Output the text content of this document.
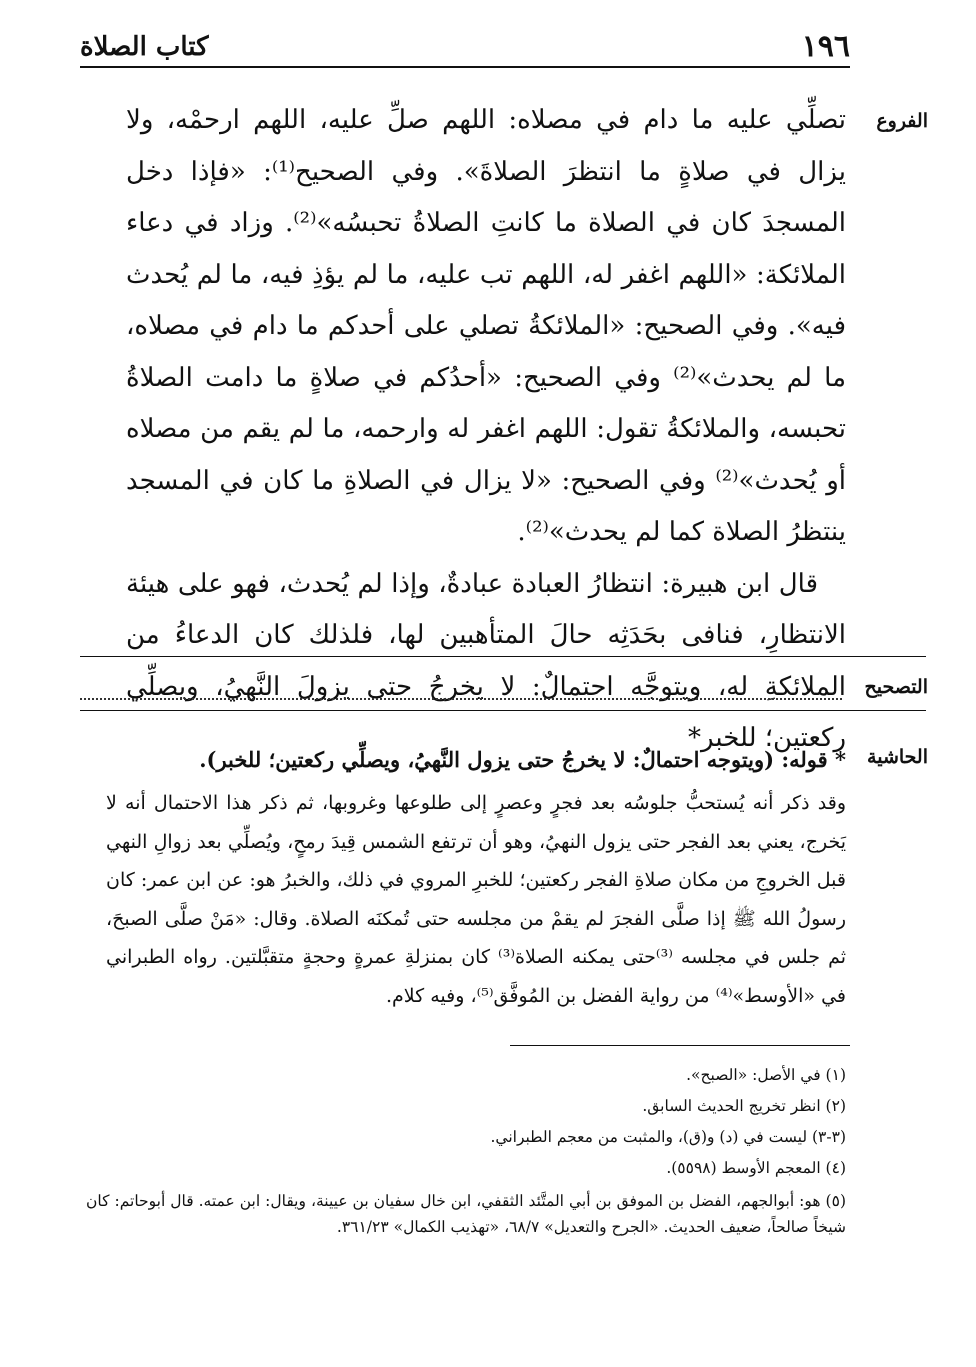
١٩٦
كتاب الصلاة
الفروع

تصلِّي عليه ما دام في مصلاه: اللهم صلِّ عليه، اللهم ارحمْه، ولا يزال في صلاةٍ ما انتظرَ الصلاةَ». وفي الصحيح⁽¹⁾: «فإذا دخل المسجدَ كان في الصلاة ما كانتِ الصلاةُ تحبسُه»⁽²⁾. وزاد في دعاء الملائكة: «اللهم اغفر له، اللهم تب عليه، ما لم يؤذِ فيه، ما لم يُحدث فيه». وفي الصحيح: «الملائكةُ تصلي على أحدكم ما دام في مصلاه، ما لم يحدث»⁽²⁾ وفي الصحيح: «أحدُكم في صلاةٍ ما دامت الصلاةُ تحبسه، والملائكةُ تقول: اللهم اغفر له وارحمه، ما لم يقم من مصلاه أو يُحدث»⁽²⁾ وفي الصحيح: «لا يزال في الصلاةِ ما كان في المسجد ينتظرُ الصلاة كما لم يحدث»⁽²⁾.

قال ابن هبيرة: انتظارُ العبادة عبادةٌ، وإذا لم يُحدث، فهو على هيئة الانتظارِ، فنافى بحَدَثِه حالَ المتأهبين لها، فلذلك كان الدعاءُ من الملائكةِ له، ويتوجَّه احتمالٌ: لا يخرجُ حتى يزولَ النَّهيُ، ويصلِّي ركعتين؛ للخبر*

التصحيح
الحاشية
* قوله: (ويتوجه احتمالٌ: لا يخرجُ حتى يزول النَّهيُ، ويصلِّي ركعتين؛ للخبر).
وقد ذكر أنه يُستحبُّ جلوسُه بعد فجرٍ وعصرٍ إلى طلوعها وغروبها، ثم ذكر هذا الاحتمال أنه لا يَخرج، يعني بعد الفجر حتى يزول النهيُ، وهو أن ترتفع الشمس قِيدَ رمحٍ، ويُصلِّي بعد زوالِ النهي قبل الخروجِ من مكان صلاةِ الفجر ركعتين؛ للخبرِ المروي في ذلك، والخبرُ هو: عن ابن عمر: كان رسولُ الله ﷺ إذا صلَّى الفجرَ لم يقمْ من مجلسه حتى تُمكنَه الصلاة. وقال: «مَنْ صلَّى الصبحَ، ثم جلس في مجلسه ⁽³⁾حتى يمكنه الصلاة⁽³⁾ كان بمنزلةِ عمرةٍ وحجةٍ متقبَّلتين. رواه الطبراني في «الأوسط»⁽⁴⁾ من رواية الفضل بن المُوفَّق⁽⁵⁾، وفيه كلام.

(١) في الأصل: «الصبح».

(٢) انظر تخريج الحديث السابق.

(٣-٣) ليست في (د) و(ق)، والمثبت من معجم الطبراني.

(٤) المعجم الأوسط (٥٥٩٨).

(٥) هو: أبوالجهم، الفضل بن الموفق بن أبي المتَّئد الثقفي، ابن خال سفيان بن عيينة، ويقال: ابن عمته. قال أبوحاتم: كان شيخاً صالحاً، ضعيف الحديث. «الجرح والتعديل» ٦٨/٧، «تهذيب الكمال» ٣٦١/٢٣.
